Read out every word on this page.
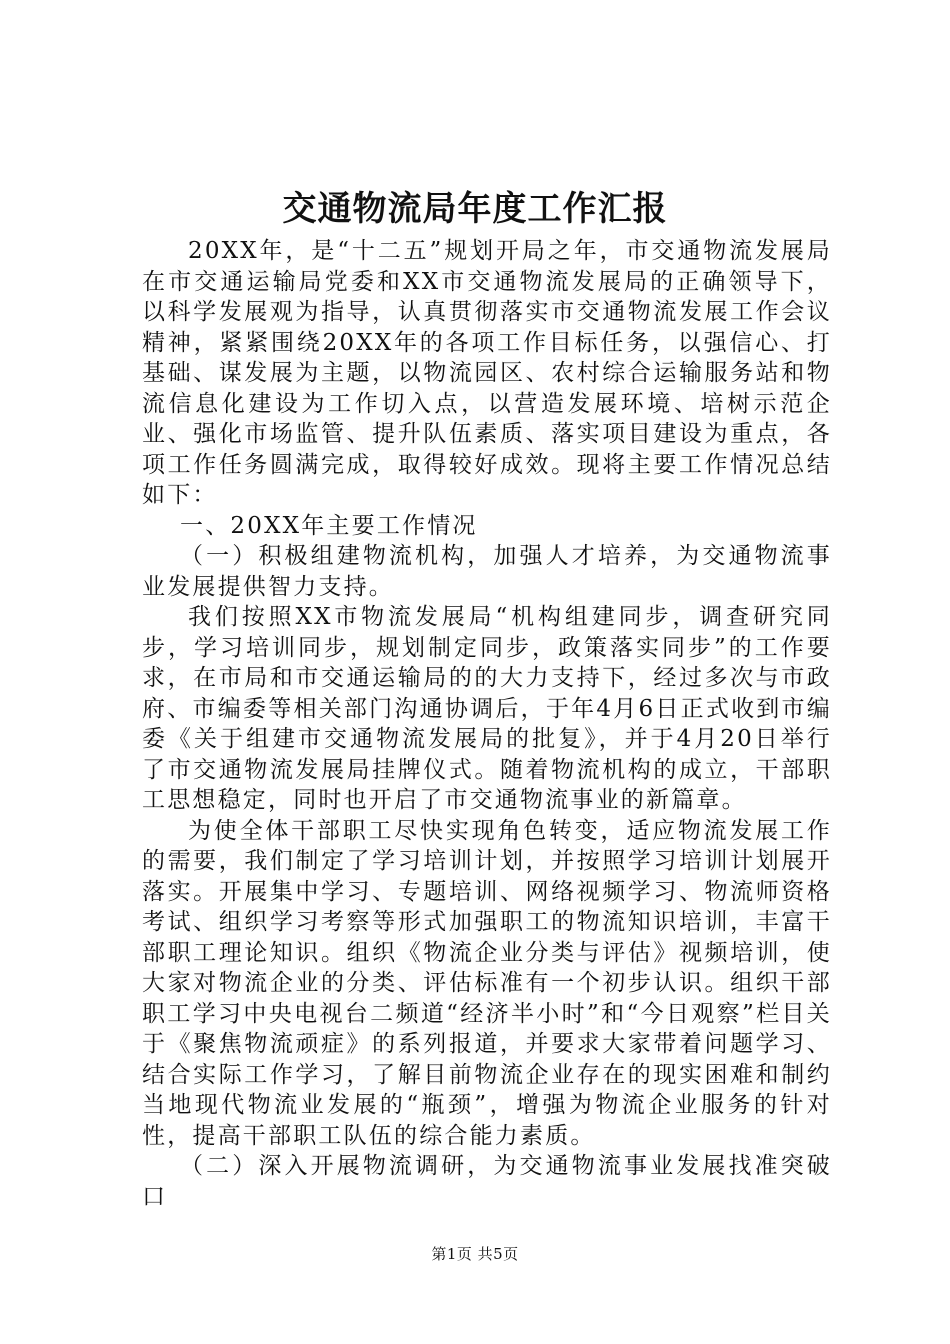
交通物流局年度工作汇报

20XX年，是“十二五”规划开局之年，市交通物流发展局在市交通运输局党委和XX市交通物流发展局的正确领导下，以科学发展观为指导，认真贯彻落实市交通物流发展工作会议精神，紧紧围绕20XX年的各项工作目标任务，以强信心、打基础、谋发展为主题，以物流园区、农村综合运输服务站和物流信息化建设为工作切入点，以营造发展环境、培树示范企业、强化市场监管、提升队伍素质、落实项目建设为重点，各项工作任务圆满完成，取得较好成效。现将主要工作情况总结如下：

一、20XX年主要工作情况

（一）积极组建物流机构，加强人才培养，为交通物流事业发展提供智力支持。

我们按照XX市物流发展局“机构组建同步，调查研究同步，学习培训同步，规划制定同步，政策落实同步”的工作要求，在市局和市交通运输局的的大力支持下，经过多次与市政府、市编委等相关部门沟通协调后，于年4月6日正式收到市编委《关于组建市交通物流发展局的批复》，并于4月20日举行了市交通物流发展局挂牌仪式。随着物流机构的成立，干部职工思想稳定，同时也开启了市交通物流事业的新篇章。

为使全体干部职工尽快实现角色转变，适应物流发展工作的需要，我们制定了学习培训计划，并按照学习培训计划展开落实。开展集中学习、专题培训、网络视频学习、物流师资格考试、组织学习考察等形式加强职工的物流知识培训，丰富干部职工理论知识。组织《物流企业分类与评估》视频培训，使大家对物流企业的分类、评估标准有一个初步认识。组织干部职工学习中央电视台二频道“经济半小时”和“今日观察”栏目关于《聚焦物流顽症》的系列报道，并要求大家带着问题学习、结合实际工作学习，了解目前物流企业存在的现实困难和制约当地现代物流业发展的“瓶颈”，增强为物流企业服务的针对性，提高干部职工队伍的综合能力素质。

（二）深入开展物流调研，为交通物流事业发展找准突破口

第1页 共5页
